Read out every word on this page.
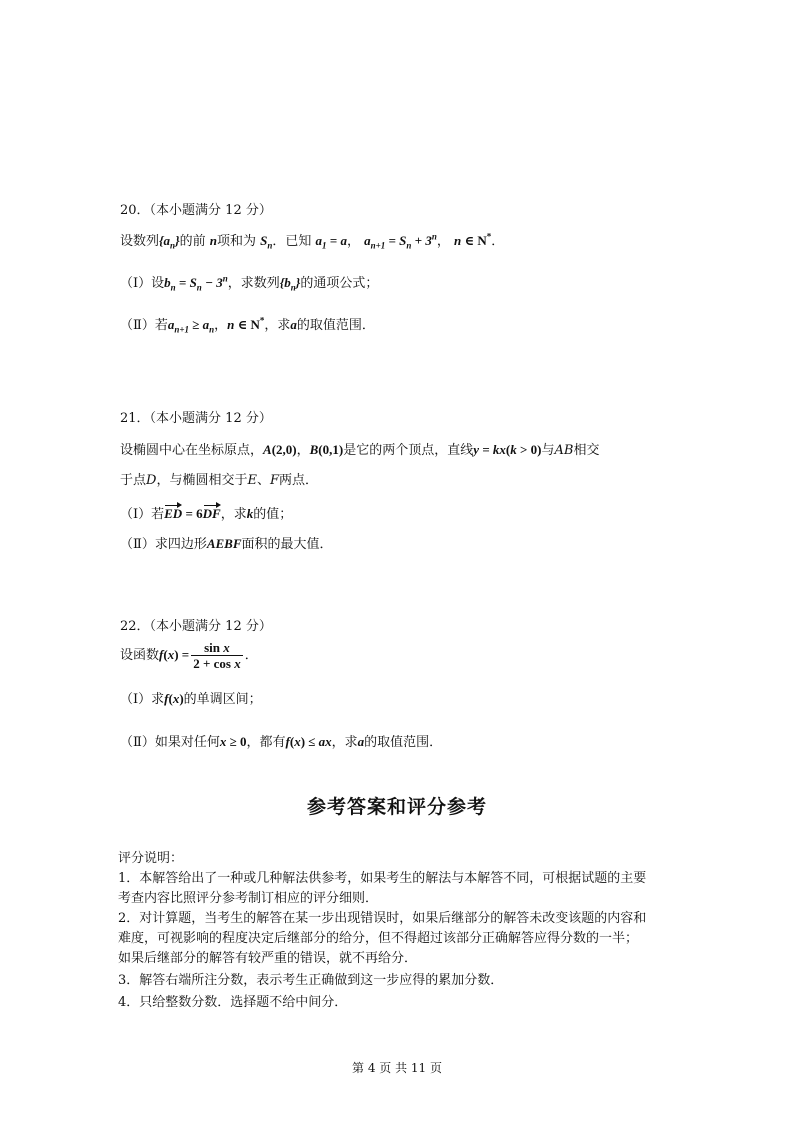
20．（本小题满分 12 分）
设数列$\{a_n\}$的前 n项和为 $S_n$．已知 $a_1 = a$， $a_{n+1} = S_n + 3^n$， n ∈ N*．
（Ⅰ）设$b_n = S_n - 3^n$，求数列$\{b_n\}$的通项公式；
（Ⅱ）若$a_{n+1} \ge a_n$，n ∈ N*，求a的取值范围．
21．（本小题满分 12 分）
设椭圆中心在坐标原点，A(2,0)，B(0,1)是它的两个顶点，直线y = kx(k > 0)与AB相交
于点D，与椭圆相交于E、F两点．
（Ⅰ）若ED = 6DF，求k的值；
（Ⅱ）求四边形AEBF面积的最大值．
22．（本小题满分 12 分）
设函数$f(x) = \frac{\text{sin x}}{\text{2 + cos x}}$ ．
（Ⅰ）求f(x)的单调区间；
（Ⅱ）如果对任何x ≥ 0，都有f(x) ≤ ax，求a的取值范围．
参考答案和评分参考
评分说明：
1．本解答给出了一种或几种解法供参考，如果考生的解法与本解答不同，可根据试题的主要
考查内容比照评分参考制订相应的评分细则．
2．对计算题，当考生的解答在某一步出现错误时，如果后继部分的解答未改变该题的内容和
难度，可视影响的程度决定后继部分的给分，但不得超过该部分正确解答应得分数的一半；
如果后继部分的解答有较严重的错误，就不再给分．
3．解答右端所注分数，表示考生正确做到这一步应得的累加分数．
4．只给整数分数．选择题不给中间分．
第 4 页 共 11 页
